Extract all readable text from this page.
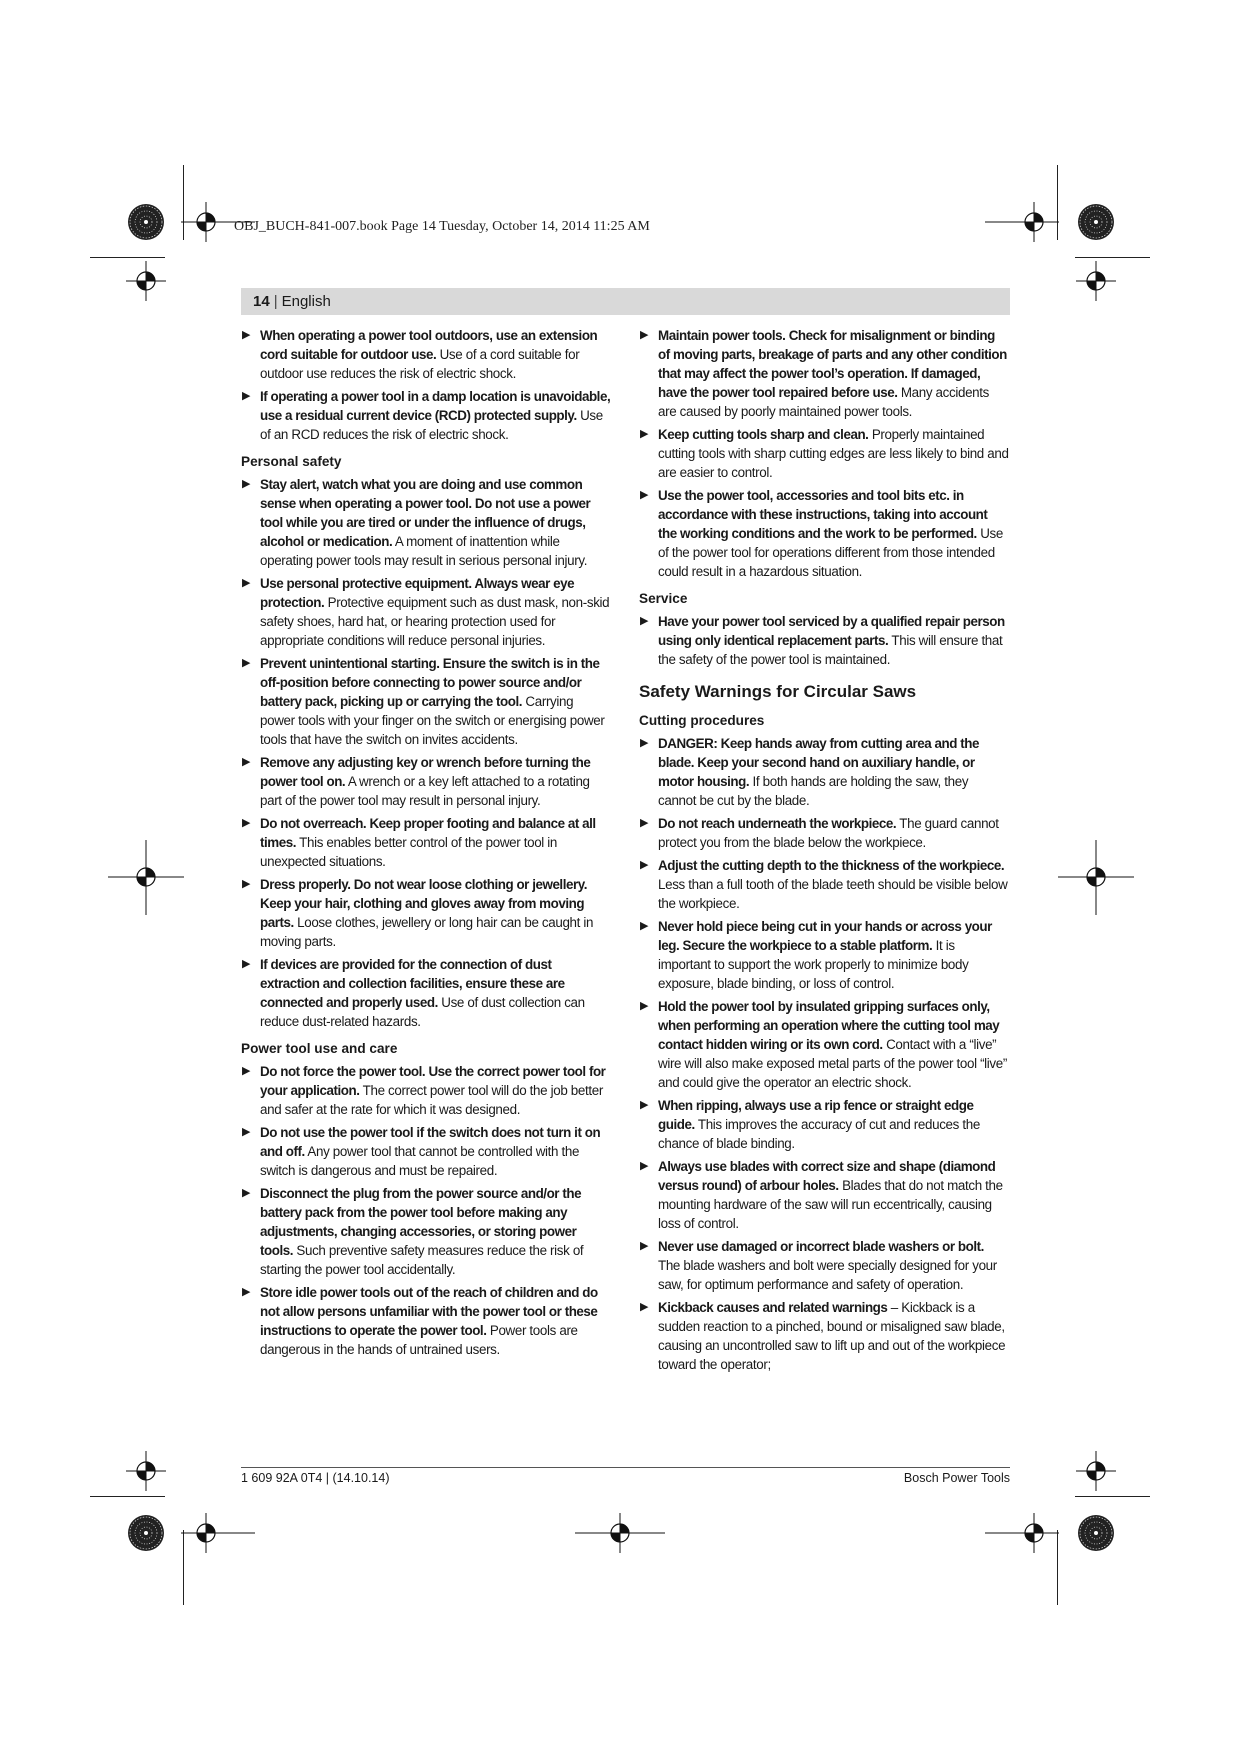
OBJ_BUCH-841-007.book Page 14 Tuesday, October 14, 2014 11:25 AM
14 | English
▶ When operating a power tool outdoors, use an extension cord suitable for outdoor use. Use of a cord suitable for outdoor use reduces the risk of electric shock.
▶ If operating a power tool in a damp location is unavoidable, use a residual current device (RCD) protected supply. Use of an RCD reduces the risk of electric shock.
Personal safety
▶ Stay alert, watch what you are doing and use common sense when operating a power tool. Do not use a power tool while you are tired or under the influence of drugs, alcohol or medication. A moment of inattention while operating power tools may result in serious personal injury.
▶ Use personal protective equipment. Always wear eye protection. Protective equipment such as dust mask, non-skid safety shoes, hard hat, or hearing protection used for appropriate conditions will reduce personal injuries.
▶ Prevent unintentional starting. Ensure the switch is in the off-position before connecting to power source and/or battery pack, picking up or carrying the tool. Carrying power tools with your finger on the switch or energising power tools that have the switch on invites accidents.
▶ Remove any adjusting key or wrench before turning the power tool on. A wrench or a key left attached to a rotating part of the power tool may result in personal injury.
▶ Do not overreach. Keep proper footing and balance at all times. This enables better control of the power tool in unexpected situations.
▶ Dress properly. Do not wear loose clothing or jewellery. Keep your hair, clothing and gloves away from moving parts. Loose clothes, jewellery or long hair can be caught in moving parts.
▶ If devices are provided for the connection of dust extraction and collection facilities, ensure these are connected and properly used. Use of dust collection can reduce dust-related hazards.
Power tool use and care
▶ Do not force the power tool. Use the correct power tool for your application. The correct power tool will do the job better and safer at the rate for which it was designed.
▶ Do not use the power tool if the switch does not turn it on and off. Any power tool that cannot be controlled with the switch is dangerous and must be repaired.
▶ Disconnect the plug from the power source and/or the battery pack from the power tool before making any adjustments, changing accessories, or storing power tools. Such preventive safety measures reduce the risk of starting the power tool accidentally.
▶ Store idle power tools out of the reach of children and do not allow persons unfamiliar with the power tool or these instructions to operate the power tool. Power tools are dangerous in the hands of untrained users.
▶ Maintain power tools. Check for misalignment or binding of moving parts, breakage of parts and any other condition that may affect the power tool’s operation. If damaged, have the power tool repaired before use. Many accidents are caused by poorly maintained power tools.
▶ Keep cutting tools sharp and clean. Properly maintained cutting tools with sharp cutting edges are less likely to bind and are easier to control.
▶ Use the power tool, accessories and tool bits etc. in accordance with these instructions, taking into account the working conditions and the work to be performed. Use of the power tool for operations different from those intended could result in a hazardous situation.
Service
▶ Have your power tool serviced by a qualified repair person using only identical replacement parts. This will ensure that the safety of the power tool is maintained.
Safety Warnings for Circular Saws
Cutting procedures
▶ DANGER: Keep hands away from cutting area and the blade. Keep your second hand on auxiliary handle, or motor housing. If both hands are holding the saw, they cannot be cut by the blade.
▶ Do not reach underneath the workpiece. The guard cannot protect you from the blade below the workpiece.
▶ Adjust the cutting depth to the thickness of the workpiece. Less than a full tooth of the blade teeth should be visible below the workpiece.
▶ Never hold piece being cut in your hands or across your leg. Secure the workpiece to a stable platform. It is important to support the work properly to minimize body exposure, blade binding, or loss of control.
▶ Hold the power tool by insulated gripping surfaces only, when performing an operation where the cutting tool may contact hidden wiring or its own cord. Contact with a “live” wire will also make exposed metal parts of the power tool “live” and could give the operator an electric shock.
▶ When ripping, always use a rip fence or straight edge guide. This improves the accuracy of cut and reduces the chance of blade binding.
▶ Always use blades with correct size and shape (diamond versus round) of arbour holes. Blades that do not match the mounting hardware of the saw will run eccentrically, causing loss of control.
▶ Never use damaged or incorrect blade washers or bolt. The blade washers and bolt were specially designed for your saw, for optimum performance and safety of operation.
▶ Kickback causes and related warnings – Kickback is a sudden reaction to a pinched, bound or misaligned saw blade, causing an uncontrolled saw to lift up and out of the workpiece toward the operator;
1 609 92A 0T4 | (14.10.14)	Bosch Power Tools
